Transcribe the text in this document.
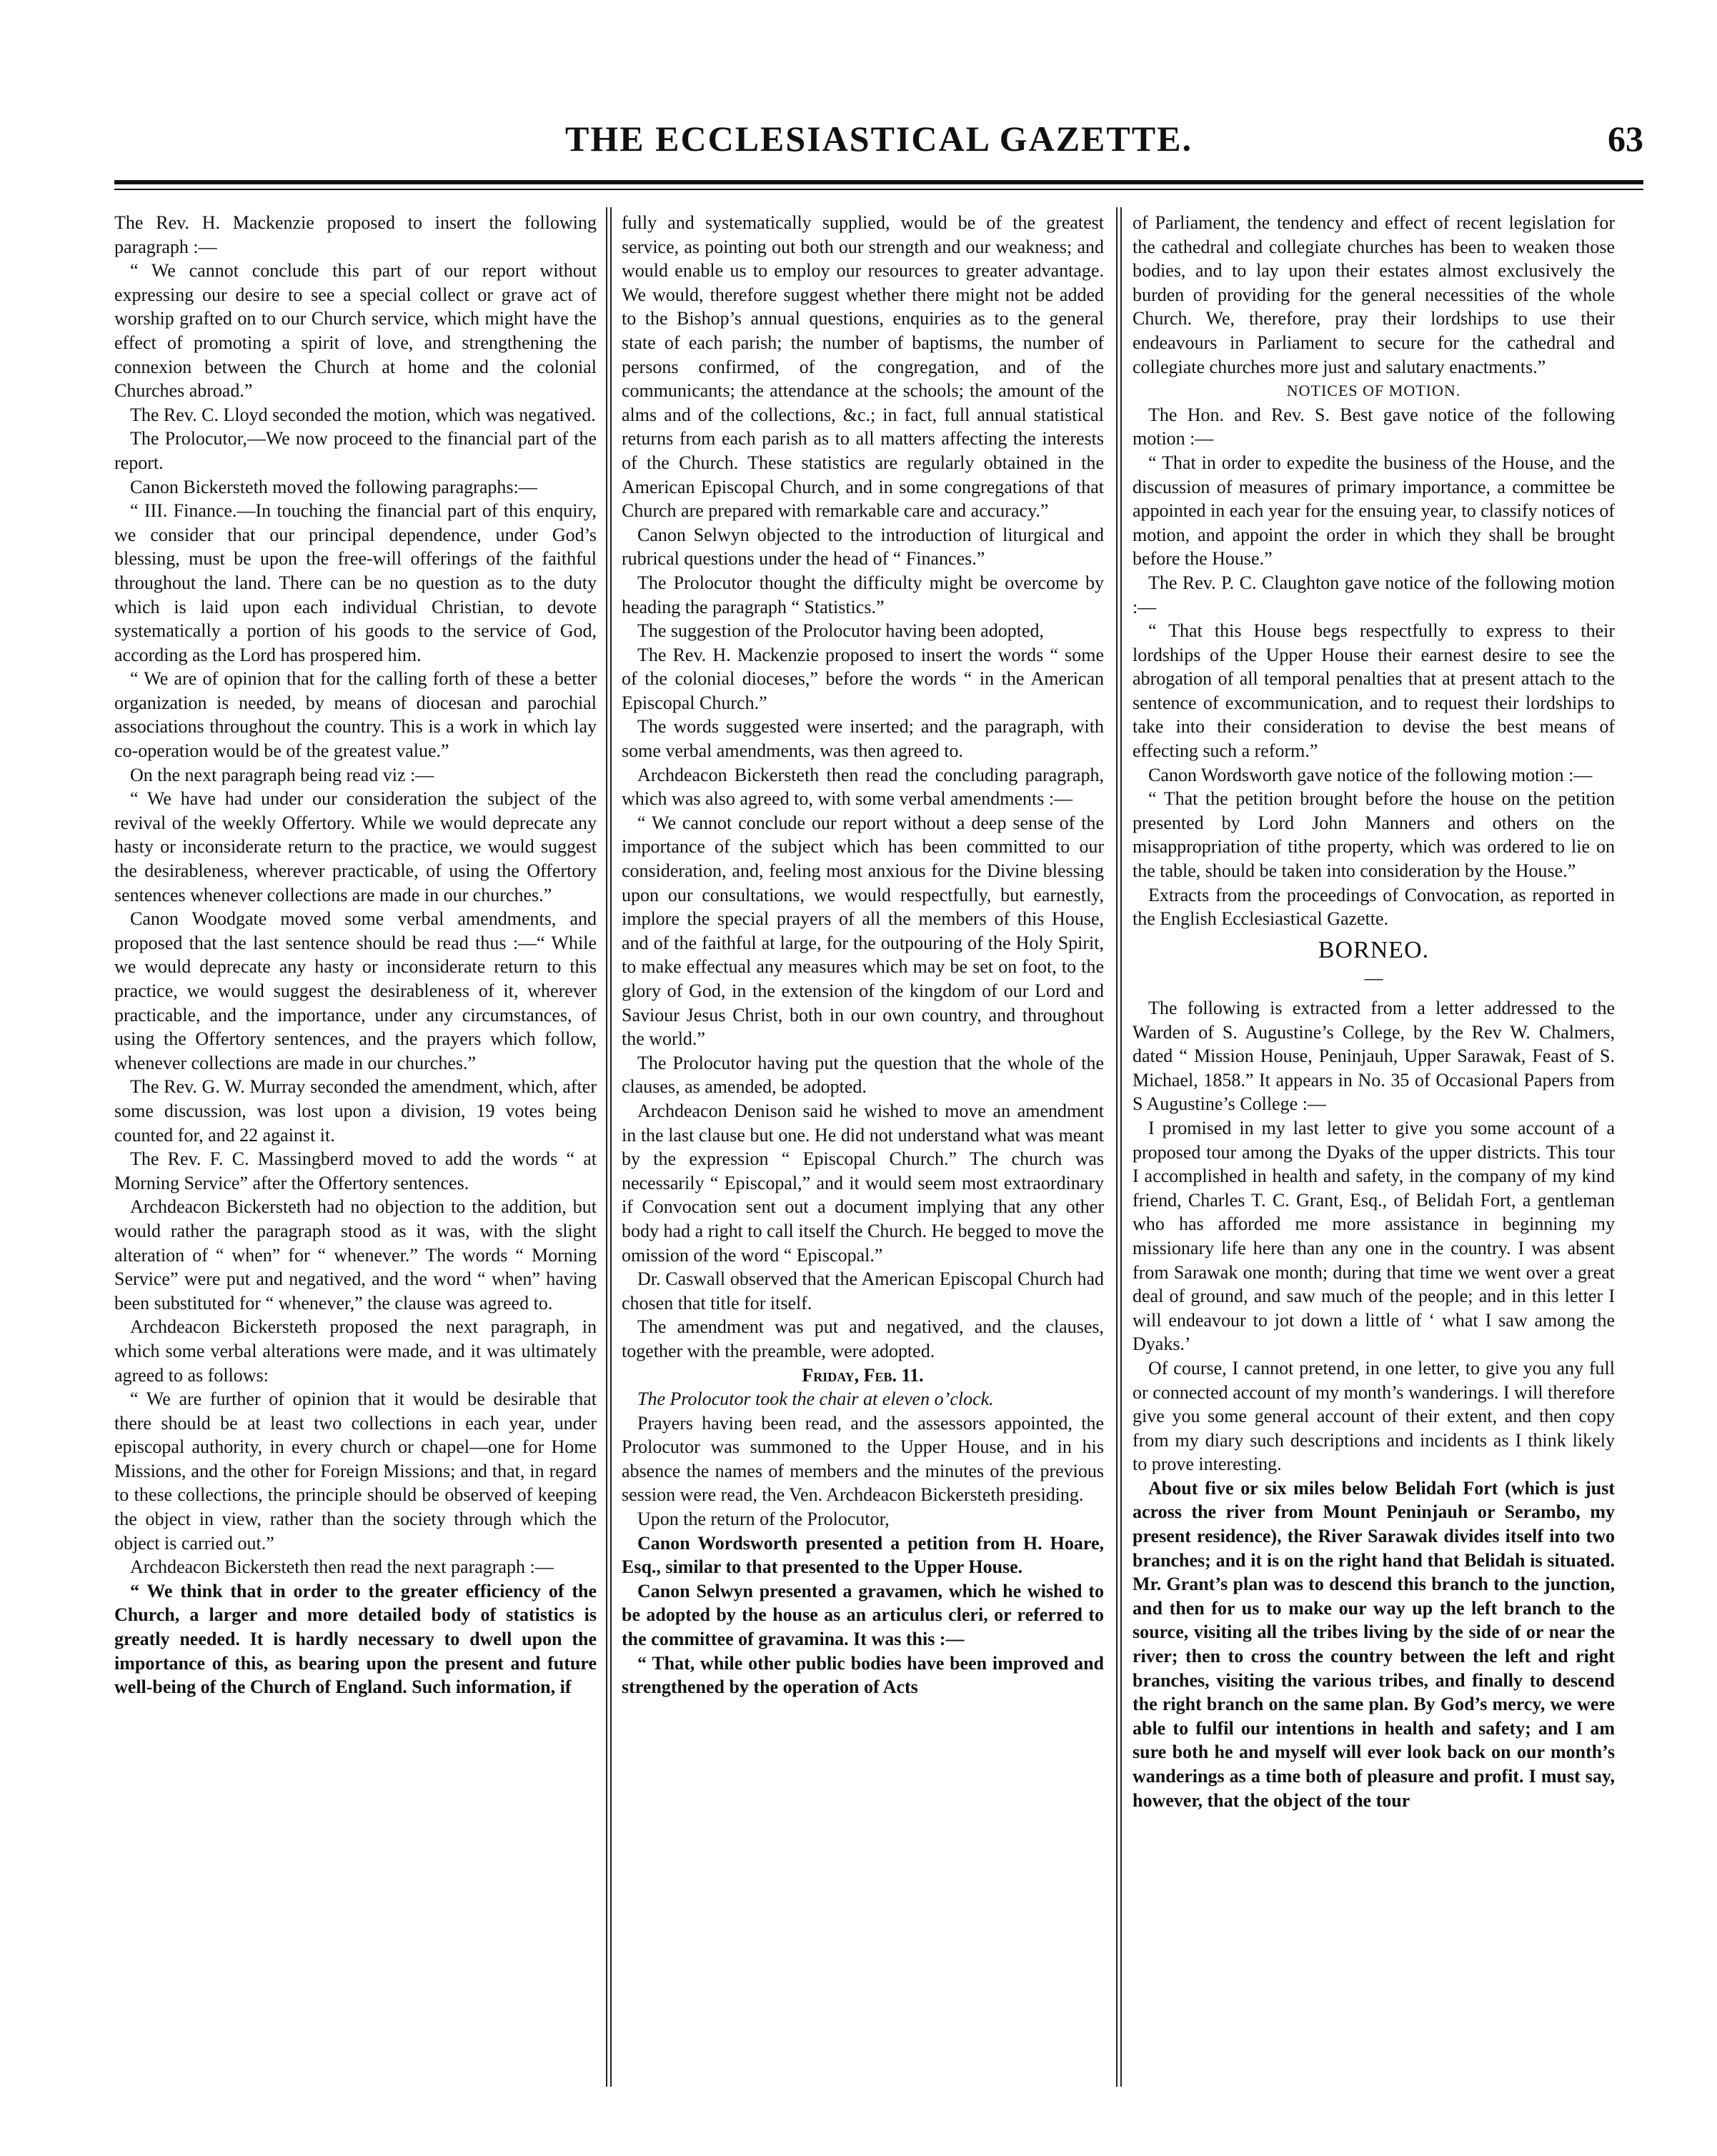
THE ECCLESIASTICAL GAZETTE.	63

The Rev. H. Mackenzie proposed to insert the following paragraph :—

“ We cannot conclude this part of our report without expressing our desire to see a special collect or grave act of worship grafted on to our Church service, which might have the effect of promoting a spirit of love, and strengthening the connexion between the Church at home and the colonial Churches abroad.”

The Rev. C. Lloyd seconded the motion, which was negatived.

The Prolocutor,—We now proceed to the financial part of the report.

Canon Bickersteth moved the following paragraphs:—

“ III. Finance.—In touching the financial part of this enquiry, we consider that our principal dependence, under God’s blessing, must be upon the free-will offerings of the faithful throughout the land. There can be no question as to the duty which is laid upon each individual Christian, to devote systematically a portion of his goods to the service of God, according as the Lord has prospered him.

“ We are of opinion that for the calling forth of these a better organization is needed, by means of diocesan and parochial associations throughout the country. This is a work in which lay co-operation would be of the greatest value.”

On the next paragraph being read viz :—

“ We have had under our consideration the subject of the revival of the weekly Offertory. While we would deprecate any hasty or inconsiderate return to the practice, we would suggest the desirableness, wherever practicable, of using the Offertory sentences whenever collections are made in our churches.”

Canon Woodgate moved some verbal amendments, and proposed that the last sentence should be read thus :—“ While we would deprecate any hasty or inconsiderate return to this practice, we would suggest the desirableness of it, wherever practicable, and the importance, under any circumstances, of using the Offertory sentences, and the prayers which follow, whenever collections are made in our churches.”

The Rev. G. W. Murray seconded the amendment, which, after some discussion, was lost upon a division, 19 votes being counted for, and 22 against it.

The Rev. F. C. Massingberd moved to add the words “ at Morning Service” after the Offertory sentences.

Archdeacon Bickersteth had no objection to the addition, but would rather the paragraph stood as it was, with the slight alteration of “ when” for “ whenever.” The words “ Morning Service” were put and negatived, and the word “ when” having been substituted for “ whenever,” the clause was agreed to.

Archdeacon Bickersteth proposed the next paragraph, in which some verbal alterations were made, and it was ultimately agreed to as follows:

“ We are further of opinion that it would be desirable that there should be at least two collections in each year, under episcopal authority, in every church or chapel—one for Home Missions, and the other for Foreign Missions; and that, in regard to these collections, the principle should be observed of keeping the object in view, rather than the society through which the object is carried out.”

Archdeacon Bickersteth then read the next paragraph :—

“ We think that in order to the greater efficiency of the Church, a larger and more detailed body of statistics is greatly needed. It is hardly necessary to dwell upon the importance of this, as bearing upon the present and future well-being of the Church of England. Such information, if

fully and systematically supplied, would be of the greatest service, as pointing out both our strength and our weakness; and would enable us to employ our resources to greater advantage. We would, therefore suggest whether there might not be added to the Bishop’s annual questions, enquiries as to the general state of each parish; the number of baptisms, the number of persons confirmed, of the congregation, and of the communicants; the attendance at the schools; the amount of the alms and of the collections, &c.; in fact, full annual statistical returns from each parish as to all matters affecting the interests of the Church. These statistics are regularly obtained in the American Episcopal Church, and in some congregations of that Church are prepared with remarkable care and accuracy.”

Canon Selwyn objected to the introduction of liturgical and rubrical questions under the head of “ Finances.”

The Prolocutor thought the difficulty might be overcome by heading the paragraph “ Statistics.”

The suggestion of the Prolocutor having been adopted,

The Rev. H. Mackenzie proposed to insert the words “ some of the colonial dioceses,” before the words “ in the American Episcopal Church.”

The words suggested were inserted; and the paragraph, with some verbal amendments, was then agreed to.

Archdeacon Bickersteth then read the concluding paragraph, which was also agreed to, with some verbal amendments :—

“ We cannot conclude our report without a deep sense of the importance of the subject which has been committed to our consideration, and, feeling most anxious for the Divine blessing upon our consultations, we would respectfully, but earnestly, implore the special prayers of all the members of this House, and of the faithful at large, for the outpouring of the Holy Spirit, to make effectual any measures which may be set on foot, to the glory of God, in the extension of the kingdom of our Lord and Saviour Jesus Christ, both in our own country, and throughout the world.”

The Prolocutor having put the question that the whole of the clauses, as amended, be adopted.

Archdeacon Denison said he wished to move an amendment in the last clause but one. He did not understand what was meant by the expression “ Episcopal Church.” The church was necessarily “ Episcopal,” and it would seem most extraordinary if Convocation sent out a document implying that any other body had a right to call itself the Church. He begged to move the omission of the word “ Episcopal.”

Dr. Caswall observed that the American Episcopal Church had chosen that title for itself.

The amendment was put and negatived, and the clauses, together with the preamble, were adopted.

Friday, Feb. 11.

The Prolocutor took the chair at eleven o’clock.

Prayers having been read, and the assessors appointed, the Prolocutor was summoned to the Upper House, and in his absence the names of members and the minutes of the previous session were read, the Ven. Archdeacon Bickersteth presiding.

Upon the return of the Prolocutor,

Canon Wordsworth presented a petition from H. Hoare, Esq., similar to that presented to the Upper House.

Canon Selwyn presented a gravamen, which he wished to be adopted by the house as an articulus cleri, or referred to the committee of gravamina. It was this :—

“ That, while other public bodies have been improved and strengthened by the operation of Acts

of Parliament, the tendency and effect of recent legislation for the cathedral and collegiate churches has been to weaken those bodies, and to lay upon their estates almost exclusively the burden of providing for the general necessities of the whole Church. We, therefore, pray their lordships to use their endeavours in Parliament to secure for the cathedral and collegiate churches more just and salutary enactments.”

NOTICES OF MOTION.

The Hon. and Rev. S. Best gave notice of the following motion :—

“ That in order to expedite the business of the House, and the discussion of measures of primary importance, a committee be appointed in each year for the ensuing year, to classify notices of motion, and appoint the order in which they shall be brought before the House.”

The Rev. P. C. Claughton gave notice of the following motion :—

“ That this House begs respectfully to express to their lordships of the Upper House their earnest desire to see the abrogation of all temporal penalties that at present attach to the sentence of excommunication, and to request their lordships to take into their consideration to devise the best means of effecting such a reform.”

Canon Wordsworth gave notice of the following motion :—

“ That the petition brought before the house on the petition presented by Lord John Manners and others on the misappropriation of tithe property, which was ordered to lie on the table, should be taken into consideration by the House.”

Extracts from the proceedings of Convocation, as reported in the English Ecclesiastical Gazette.

BORNEO.

—

The following is extracted from a letter addressed to the Warden of S. Augustine’s College, by the Rev W. Chalmers, dated “ Mission House, Peninjauh, Upper Sarawak, Feast of S. Michael, 1858.” It appears in No. 35 of Occasional Papers from S Augustine’s College :—

I promised in my last letter to give you some account of a proposed tour among the Dyaks of the upper districts. This tour I accomplished in health and safety, in the company of my kind friend, Charles T. C. Grant, Esq., of Belidah Fort, a gentleman who has afforded me more assistance in beginning my missionary life here than any one in the country. I was absent from Sarawak one month; during that time we went over a great deal of ground, and saw much of the people; and in this letter I will endeavour to jot down a little of ‘ what I saw among the Dyaks.’

Of course, I cannot pretend, in one letter, to give you any full or connected account of my month’s wanderings. I will therefore give you some general account of their extent, and then copy from my diary such descriptions and incidents as I think likely to prove interesting.

About five or six miles below Belidah Fort (which is just across the river from Mount Peninjauh or Serambo, my present residence), the River Sarawak divides itself into two branches; and it is on the right hand that Belidah is situated. Mr. Grant’s plan was to descend this branch to the junction, and then for us to make our way up the left branch to the source, visiting all the tribes living by the side of or near the river; then to cross the country between the left and right branches, visiting the various tribes, and finally to descend the right branch on the same plan. By God’s mercy, we were able to fulfil our intentions in health and safety; and I am sure both he and myself will ever look back on our month’s wanderings as a time both of pleasure and profit. I must say, however, that the object of the tour
